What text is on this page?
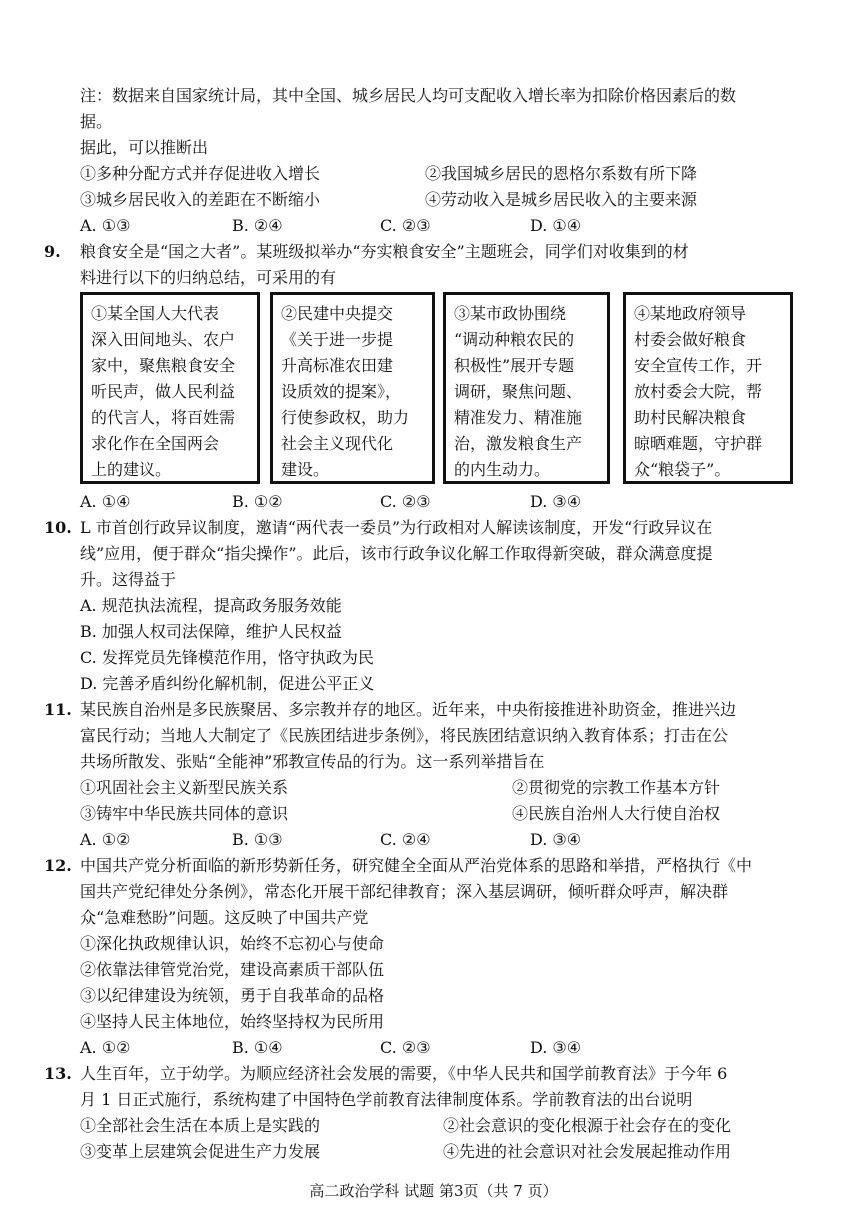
注：数据来自国家统计局，其中全国、城乡居民人均可支配收入增长率为扣除价格因素后的数
据。
据此，可以推断出
①多种分配方式并存促进收入增长	②我国城乡居民的恩格尔系数有所下降
③城乡居民收入的差距在不断缩小	④劳动收入是城乡居民收入的主要来源
A. ①③	B. ②④	C. ②③	D. ①④
9. 粮食安全是“国之大者”。某班级拟举办“夯实粮食安全”主题班会，同学们对收集到的材
料进行以下的归纳总结，可采用的有
①某全国人大代表
深入田间地头、农户
家中，聚焦粮食安全
听民声，做人民利益
的代言人，将百姓需
求化作在全国两会
上的建议。
②民建中央提交
《关于进一步提
升高标准农田建
设质效的提案》，
行使参政权，助力
社会主义现代化
建设。
③某市政协围绕
“调动种粮农民的
积极性”展开专题
调研，聚焦问题、
精准发力、精准施
治，激发粮食生产
的内生动力。
④某地政府领导
村委会做好粮食
安全宣传工作，开
放村委会大院，帮
助村民解决粮食
晾晒难题，守护群
众“粮袋子”。
A. ①④	B. ①②	C. ②③	D. ③④
10. L 市首创行政异议制度，邀请“两代表一委员”为行政相对人解读该制度，开发“行政异议在
线”应用，便于群众“指尖操作”。此后，该市行政争议化解工作取得新突破，群众满意度提
升。这得益于
A. 规范执法流程，提高政务服务效能
B. 加强人权司法保障，维护人民权益
C. 发挥党员先锋模范作用，恪守执政为民
D. 完善矛盾纠纷化解机制，促进公平正义
11. 某民族自治州是多民族聚居、多宗教并存的地区。近年来，中央衔接推进补助资金，推进兴边
富民行动；当地人大制定了《民族团结进步条例》，将民族团结意识纳入教育体系；打击在公
共场所散发、张贴“全能神”邪教宣传品的行为。这一系列举措旨在
①巩固社会主义新型民族关系	②贯彻党的宗教工作基本方针
③铸牢中华民族共同体的意识	④民族自治州人大行使自治权
A. ①②	B. ①③	C. ②④	D. ③④
12. 中国共产党分析面临的新形势新任务，研究健全全面从严治党体系的思路和举措，严格执行《中
国共产党纪律处分条例》，常态化开展干部纪律教育；深入基层调研，倾听群众呼声，解决群
众“急难愁盼”问题。这反映了中国共产党
①深化执政规律认识，始终不忘初心与使命
②依靠法律管党治党，建设高素质干部队伍
③以纪律建设为统领，勇于自我革命的品格
④坚持人民主体地位，始终坚持权为民所用
A. ①②	B. ①④	C. ②③	D. ③④
13. 人生百年，立于幼学。为顺应经济社会发展的需要，《中华人民共和国学前教育法》于今年 6
月 1 日正式施行，系统构建了中国特色学前教育法律制度体系。学前教育法的出台说明
①全部社会生活在本质上是实践的	②社会意识的变化根源于社会存在的变化
③变革上层建筑会促进生产力发展	④先进的社会意识对社会发展起推动作用
高二政治学科 试题 第3页（共 7 页）
